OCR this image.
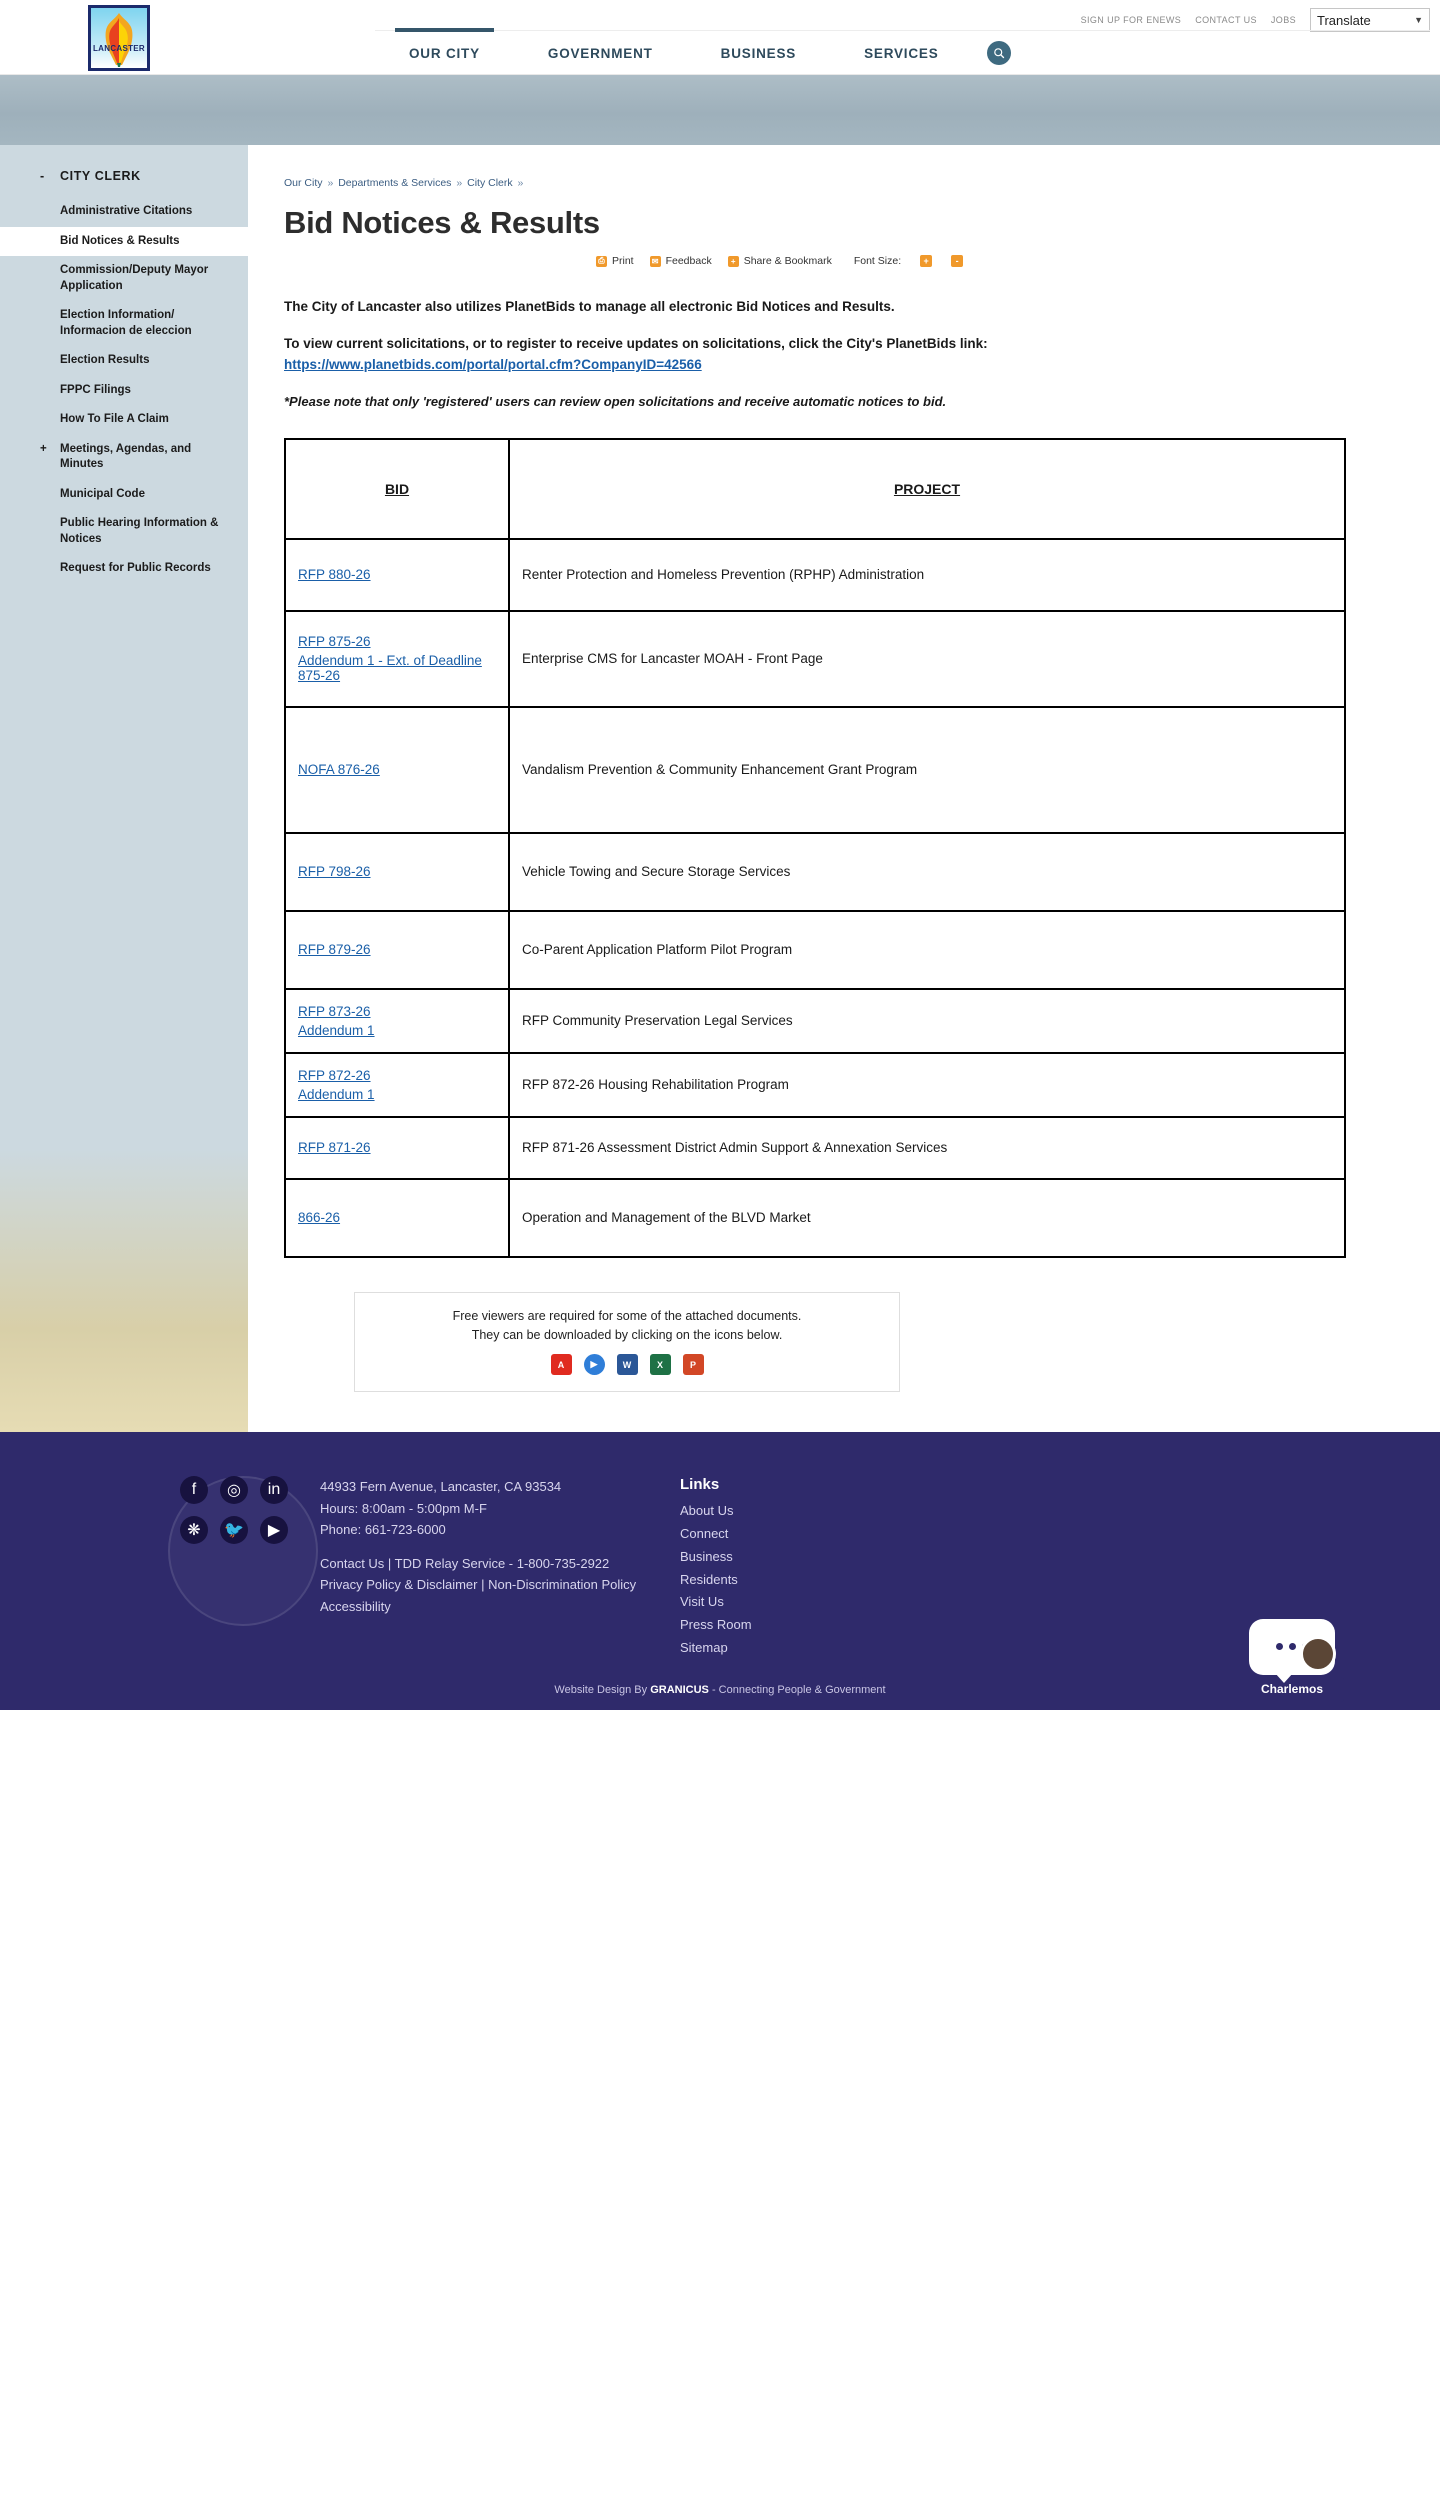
LANCASTER
SIGN UP FOR ENEWS CONTACT US JOBS Translate	▼
OUR CITY	GOVERNMENT	BUSINESS	SERVICES
- CITY CLERK
Administrative Citations
Bid Notices & Results
Commission/Deputy Mayor Application
Election Information/ Informacion de eleccion
Election Results
FPPC Filings
How To File A Claim
+ Meetings, Agendas, and Minutes
Municipal Code
Public Hearing Information & Notices
Request for Public Records
Our City » Departments & Services » City Clerk »
Bid Notices & Results
⎙ Print ✉ Feedback	+ Share & Bookmark Font Size:	+	-

The City of Lancaster also utilizes PlanetBids to manage all electronic Bid Notices and Results.

To view current solicitations, or to register to receive updates on solicitations, click the City's PlanetBids link:
https://www.planetbids.com/portal/portal.cfm?CompanyID=42566

*Please note that only 'registered' users can review open solicitations and receive automatic notices to bid.

BID	PROJECT

RFP 880-26	Renter Protection and Homeless Prevention (RPHP) Administration

RFP 875-26
Addendum 1 - Ext. of Deadline 875-26	Enterprise CMS for Lancaster MOAH - Front Page

NOFA 876-26	Vandalism Prevention & Community Enhancement Grant Program

RFP 798-26	Vehicle Towing and Secure Storage Services

RFP 879-26	Co-Parent Application Platform Pilot Program

RFP 873-26
Addendum 1	RFP Community Preservation Legal Services

RFP 872-26
Addendum 1	RFP 872-26 Housing Rehabilitation Program

RFP 871-26	RFP 871-26 Assessment District Admin Support & Annexation Services

866-26	Operation and Management of the BLVD Market

Free viewers are required for some of the attached documents.

They can be downloaded by clicking on the icons below.

A	▶	W	X	P
f	◎	in
❋	🐦	▶
44933 Fern Avenue, Lancaster, CA 93534
Hours: 8:00am - 5:00pm M-F
Phone: 661-723-6000
Contact Us | TDD Relay Service - 1-800-735-2922
Privacy Policy & Disclaimer | Non-Discrimination Policy
Accessibility
Links
About Us
Connect
Business
Residents
Visit Us
Press Room
Sitemap
Website Design By GRANICUS - Connecting People & Government	Charlemos
